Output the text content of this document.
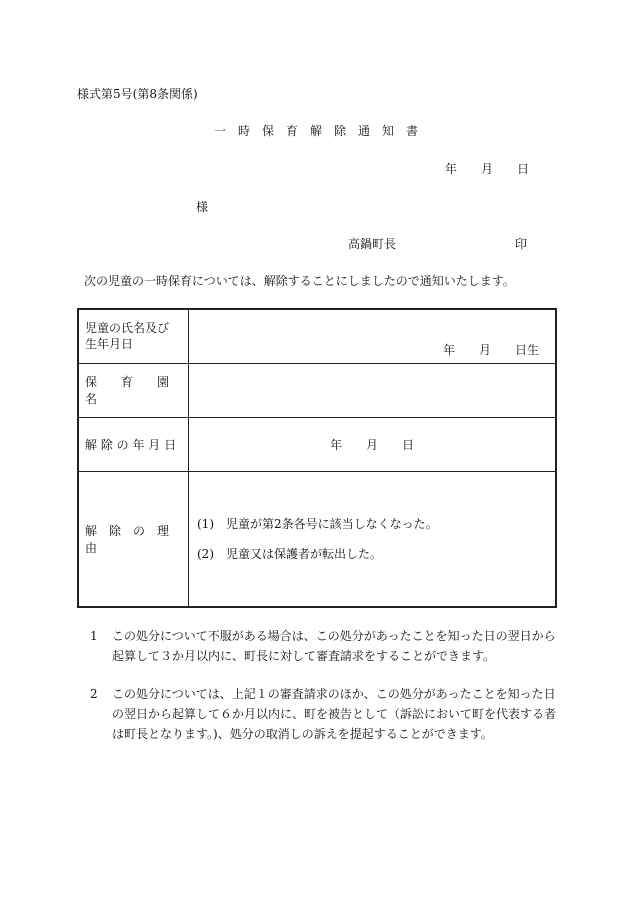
様式第5号(第8条関係)
一　時　保　育　解　除　通　知　書
年　　月　　日
様
高鍋町長	印
次の児童の一時保育については、解除することにしましたので通知いたします。
児童の氏名及び
生年月日	年　　月　　日生

保　　育　　園　　名	
解 除 の 年 月 日	年　　月　　日
解　除　の　理　由	(1)　児童が第2条各号に該当しなくなった。
(2)　児童又は保護者が転出した。
1	この処分について不服がある場合は、この処分があったことを知った日の翌日から起算して３か月以内に、町長に対して審査請求をすることができます。
2	この処分については、上記１の審査請求のほか、この処分があったことを知った日の翌日から起算して６か月以内に、町を被告として（訴訟において町を代表する者は町長となります。)、処分の取消しの訴えを提起することができます。
